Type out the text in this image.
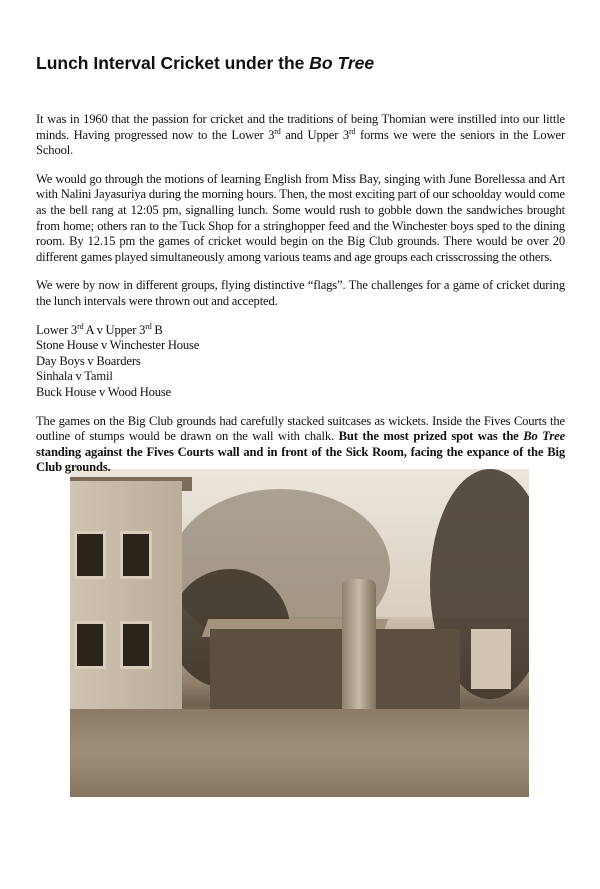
Lunch Interval Cricket under the Bo Tree

It was in 1960 that the passion for cricket and the traditions of being Thomian were instilled into our little minds. Having progressed now to the Lower 3rd and Upper 3rd forms we were the seniors in the Lower School.

We would go through the motions of learning English from Miss Bay, singing with June Borellessa and Art with Nalini Jayasuriya during the morning hours. Then, the most exciting part of our schoolday would come as the bell rang at 12:05 pm, signalling lunch. Some would rush to gobble down the sandwiches brought from home; others ran to the Tuck Shop for a stringhopper feed and the Winchester boys sped to the dining room. By 12.15 pm the games of cricket would begin on the Big Club grounds. There would be over 20 different games played simultaneously among various teams and age groups each crisscrossing the others.

We were by now in different groups, flying distinctive “flags”. The challenges for a game of cricket during the lunch intervals were thrown out and accepted.

Lower 3rd A v Upper 3rd B
Stone House v Winchester House
Day Boys v Boarders
Sinhala v Tamil
Buck House v Wood House

The games on the Big Club grounds had carefully stacked suitcases as wickets. Inside the Fives Courts the outline of stumps would be drawn on the wall with chalk. But the most prized spot was the Bo Tree standing against the Fives Courts wall and in front of the Sick Room, facing the expance of the Big Club grounds.
